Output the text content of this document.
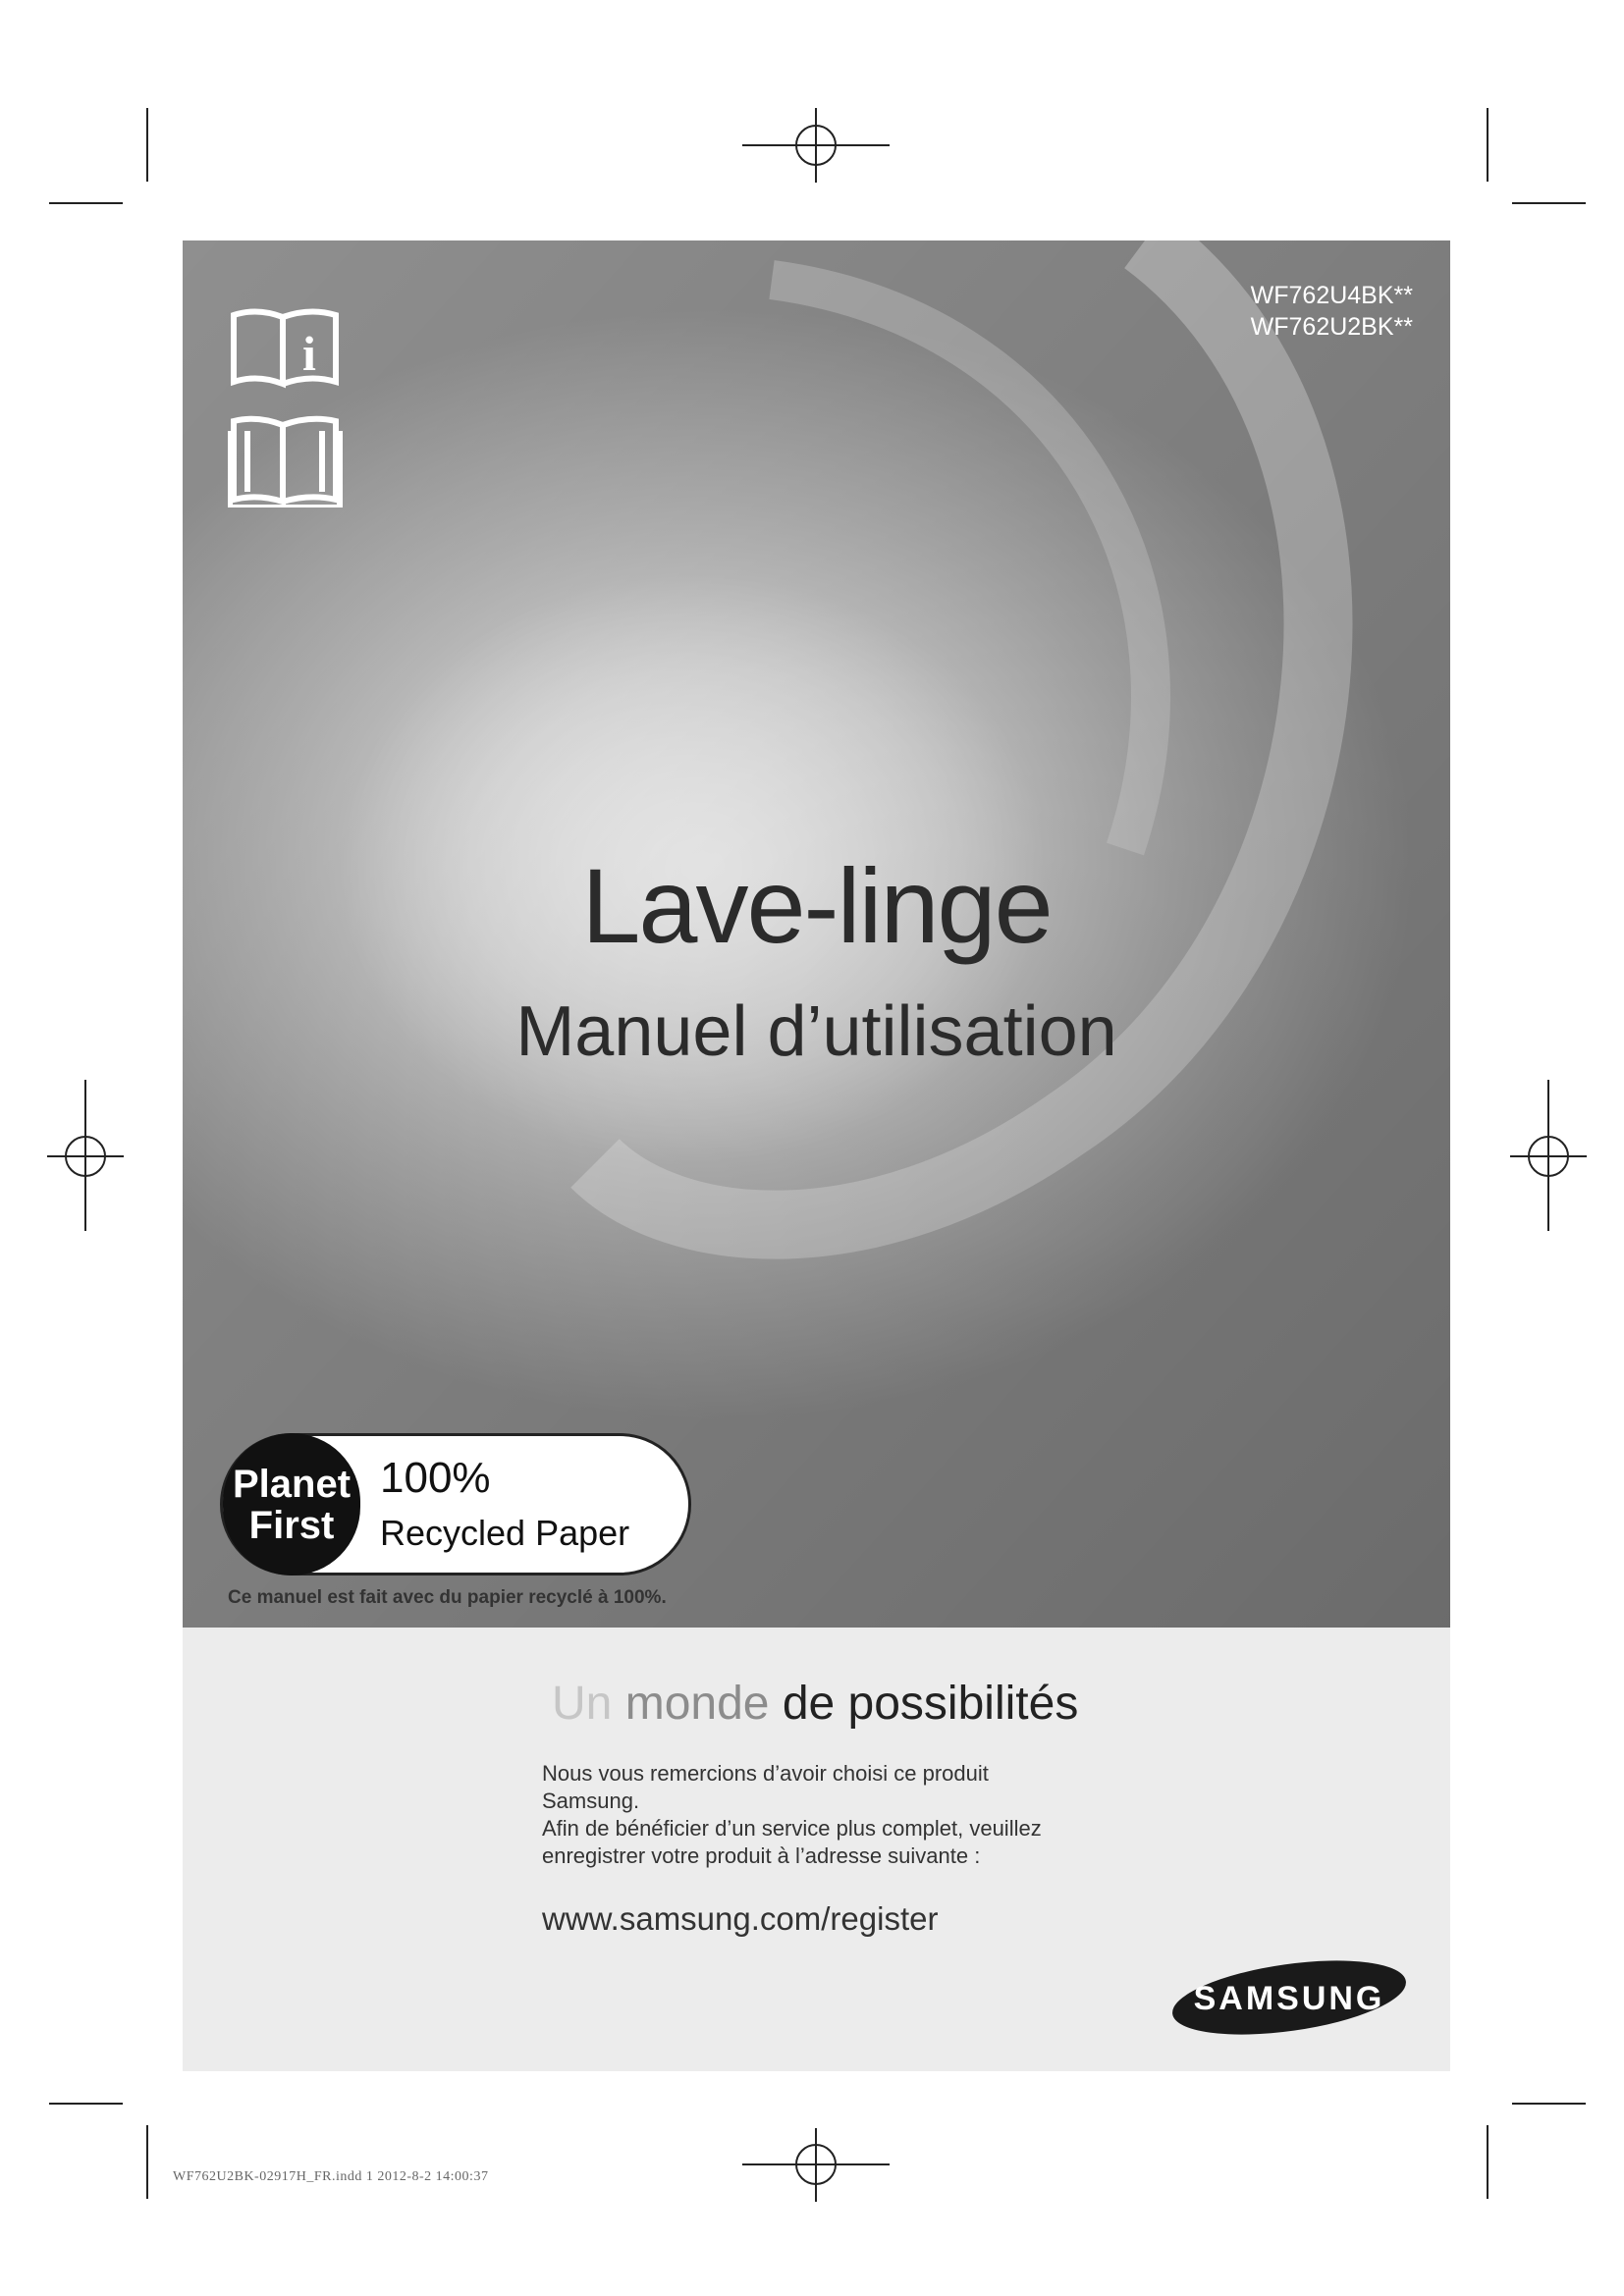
i
WF762U4BK**
WF762U2BK**
Lave-linge
Manuel d’utilisation
Planet
First
100%
Recycled Paper
Ce manuel est fait avec du papier recyclé à 100%.
Un monde de possibilités

Nous vous remercions d’avoir choisi ce produit

Samsung.

Afin de bénéficier d’un service plus complet, veuillez

enregistrer votre produit à l’adresse suivante :

www.samsung.com/register
SAMSUNG
WF762U2BK-02917H_FR.indd 1 2012-8-2 14:00:37
